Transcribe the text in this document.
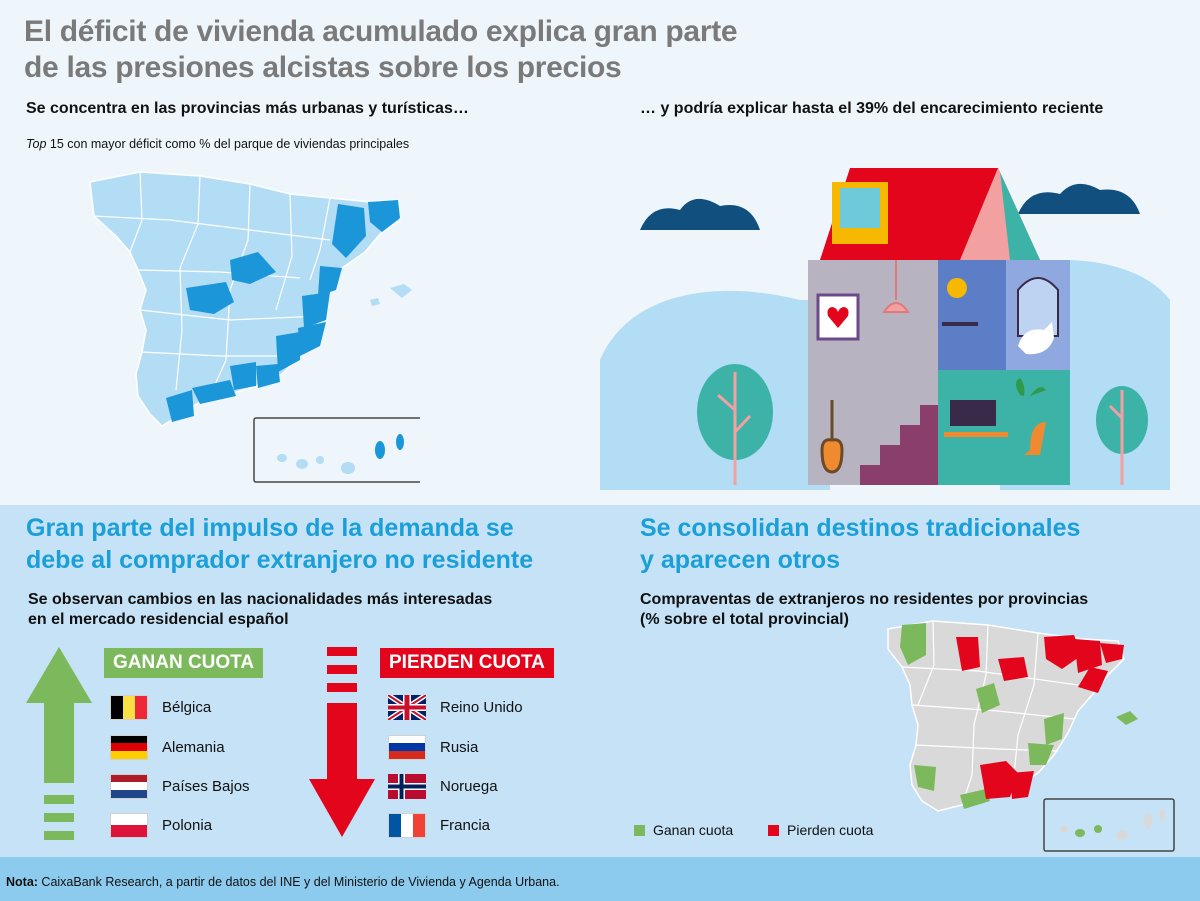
El déficit de vivienda acumulado explica gran parte
de las presiones alcistas sobre los precios
Se concentra en las provincias más urbanas y turísticas…	… y podría explicar hasta el 39% del encarecimiento reciente
Top 15 con mayor déficit como % del parque de viviendas principales
Gran parte del impulso de la demanda se
debe al comprador extranjero no residente
Se observan cambios en las nacionalidades más interesadas
en el mercado residencial español
Se consolidan destinos tradicionales
y aparecen otros
Compraventas de extranjeros no residentes por provincias
(% sobre el total provincial)
GANAN CUOTA	PIERDEN CUOTA
Bélgica
Alemania
Países Bajos
Polonia
Reino Unido
Rusia
Noruega
Francia	Ganan cuota	Pierden cuota
Nota: CaixaBank Research, a partir de datos del INE y del Ministerio de Vivienda y Agenda Urbana.
